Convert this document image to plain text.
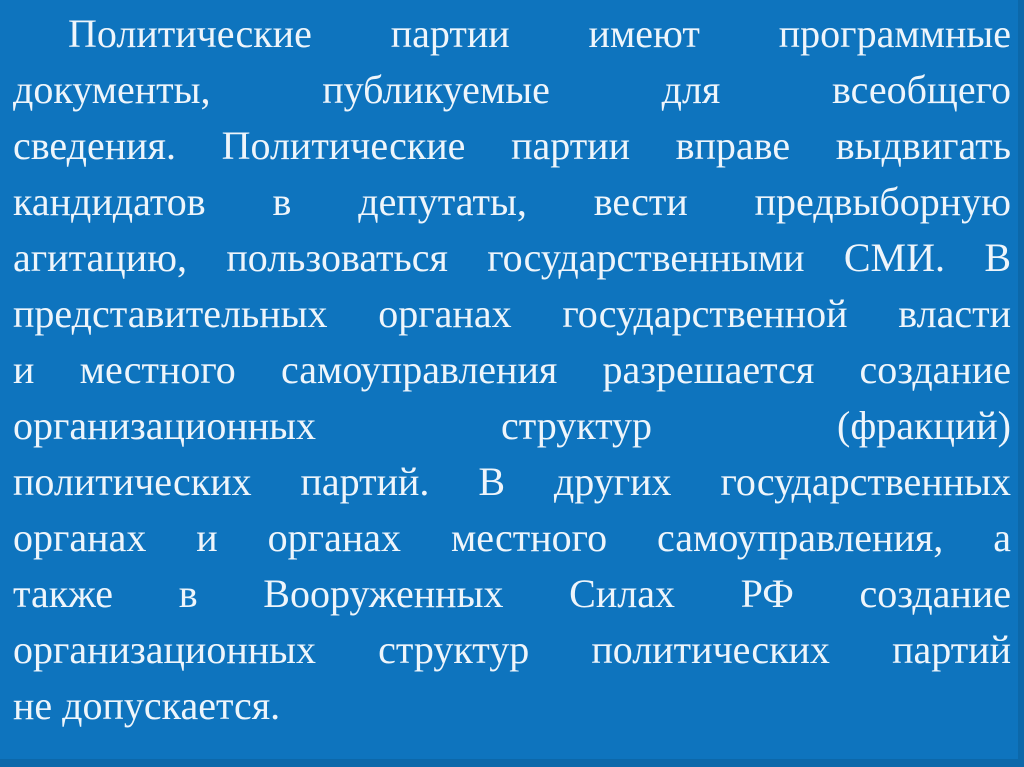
Политические партии имеют программные
документы, публикуемые для всеобщего
сведения. Политические партии вправе выдвигать
кандидатов в депутаты, вести предвыборную
агитацию, пользоваться государственными СМИ. В
представительных органах государственной власти
и местного самоуправления разрешается создание
организационных структур (фракций)
политических партий. В других государственных
органах и органах местного самоуправления, а
также в Вооруженных Силах РФ создание
организационных структур политических партий
не допускается.
